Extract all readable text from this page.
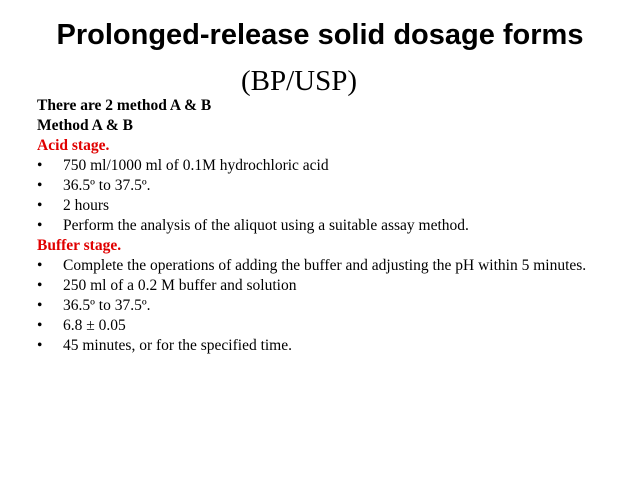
Prolonged-release solid dosage forms
(BP/USP)
There are 2 method A & B
Method A & B
Acid stage.
•	750 ml/1000 ml of 0.1M hydrochloric acid
•	36.5º to 37.5º.
•	2 hours
•	Perform the analysis of the aliquot using a suitable assay method.
Buffer stage.
•	Complete the operations of adding the buffer and adjusting the pH within 5 minutes.
•	250 ml of a 0.2 M buffer and solution
•	36.5º to 37.5º.
•	6.8 ± 0.05
•	45 minutes, or for the specified time.
